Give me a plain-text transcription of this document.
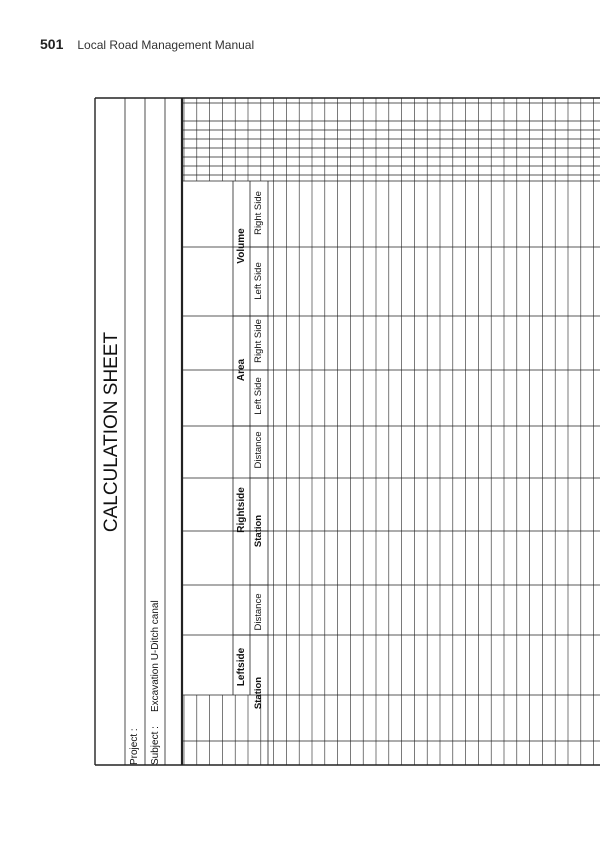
501 Local Road Management Manual
CALCULATION SHEET
Project : Subject :
Excavation U-Ditch canal	Leftside
Rightside
Area
Volume
Station
Distance
Station
Distance
Left Side
Right Side
Left Side
Right Side
